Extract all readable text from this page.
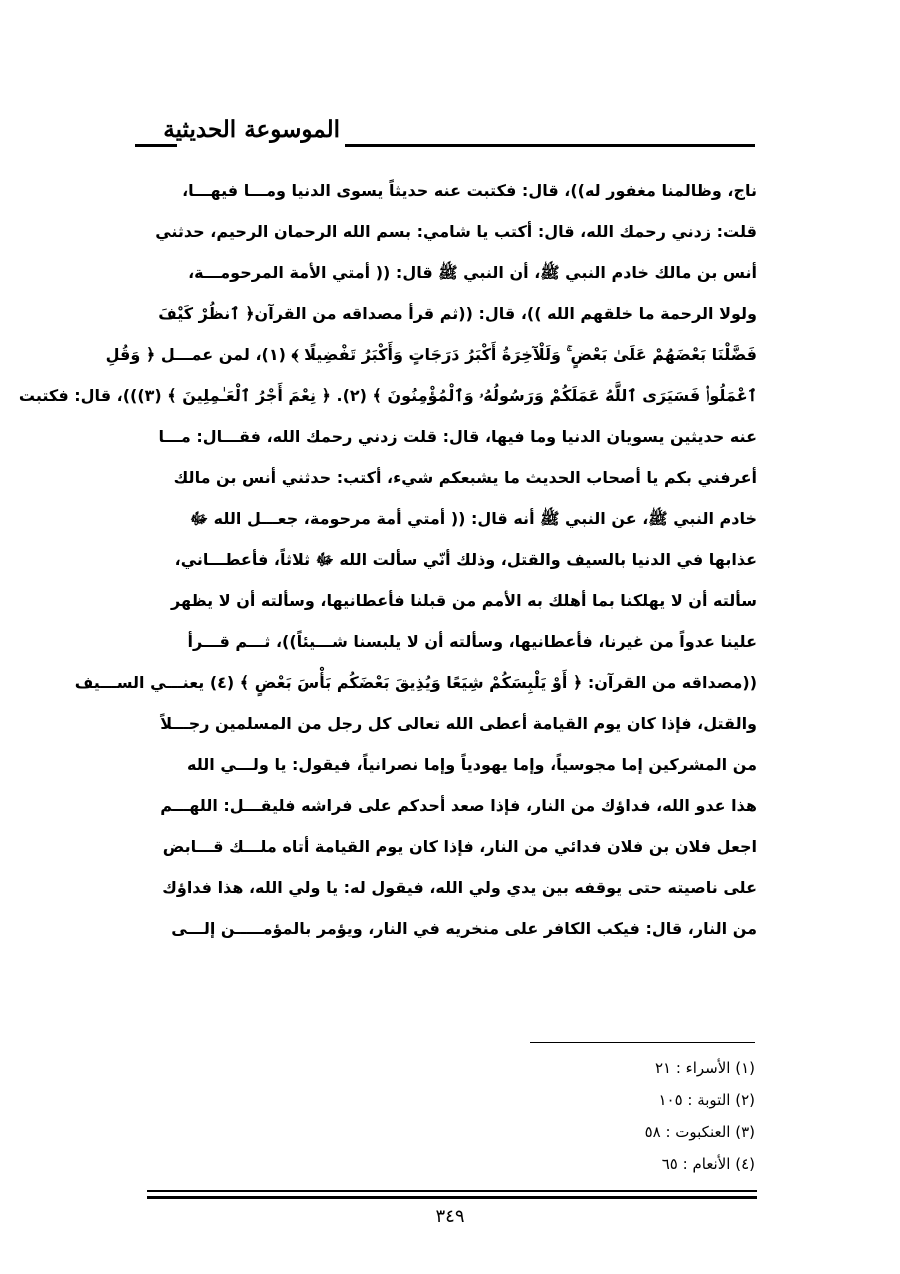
الموسوعة الحديثية
ناج، وظالمنا مغفور له))، قال: فكتبت عنه حديثاً يسوى الدنيا ومـــا فيهـــا،
قلت: زدني رحمك الله، قال: أكتب يا شامي: بسم الله الرحمان الرحيم، حدثني
أنس بن مالك خادم النبي ﷺ، أن النبي ﷺ قال: (( أمتي الأمة المرحومـــة،
ولولا الرحمة ما خلقهم الله ))، قال: ((ثم قرأ مصداقه من القرآن﴿ ٱنظُرْ كَيْفَ
فَضَّلْنَا بَعْضَهُمْ عَلَىٰ بَعْضٍ ۚ وَلَلْآخِرَةُ أَكْبَرُ دَرَجَاتٍ وَأَكْبَرُ تَفْضِيلًا ﴾ (١)، لمن عمـــل ﴿ وَقُلِ
ٱعْمَلُوا۟ فَسَيَرَى ٱللَّهُ عَمَلَكُمْ وَرَسُولُهُۥ وَٱلْمُؤْمِنُونَ ﴾ (٢). ﴿ نِعْمَ أَجْرُ ٱلْعَـٰمِلِينَ ﴾ (٣)))، قال: فكتبت
عنه حديثين يسويان الدنيا وما فيها، قال: قلت زدني رحمك الله، فقـــال: مـــا
أعرفني بكم يا أصحاب الحديث ما يشبعكم شيء، أكتب: حدثني أنس بن مالك
خادم النبي ﷺ، عن النبي ﷺ أنه قال: (( أمتي أمة مرحومة، جعـــل الله ﷻ
عذابها في الدنيا بالسيف والقتل، وذلك أنّي سألت الله ﷻ ثلاثاً، فأعطـــاني،
سألته أن لا يهلكنا بما أهلك به الأمم من قبلنا فأعطانيها، وسألته أن لا يظهر
علينا عدواً من غيرنا، فأعطانيها، وسألته أن لا يلبسنا شـــيئاً))، ثـــم قـــرأ
((مصداقه من القرآن: ﴿ أَوْ يَلْبِسَكُمْ شِيَعًا وَيُذِيقَ بَعْضَكُم بَأْسَ بَعْضٍ ﴾ (٤) يعنـــي الســـيف
والقتل، فإذا كان يوم القيامة أعطى الله تعالى كل رجل من المسلمين رجـــلاً
من المشركين إما مجوسياً، وإما يهودياً وإما نصرانياً، فيقول: يا ولـــي الله
هذا عدو الله، فداؤك من النار، فإذا صعد أحدكم على فراشه فليقـــل: اللهـــم
اجعل فلان بن فلان فدائي من النار، فإذا كان يوم القيامة أتاه ملـــك قـــابض
على ناصيته حتى يوقفه بين يدي ولي الله، فيقول له: يا ولي الله، هذا فداؤك
من النار، قال: فيكب الكافر على منخريه في النار، ويؤمر بالمؤمـــــن إلـــى
(١) الأسراء : ٢١
(٢) التوبة : ١٠٥
(٣) العنكبوت : ٥٨
(٤) الأنعام : ٦٥
٣٤٩
